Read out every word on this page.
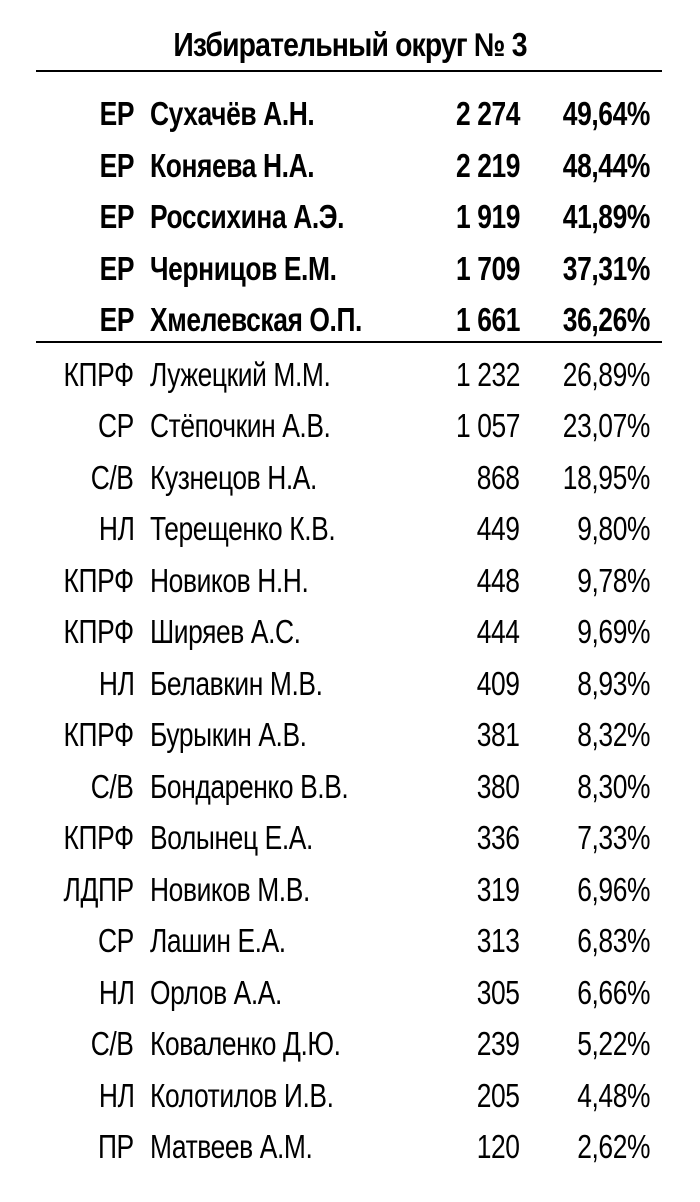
Избирательный округ № 3
ЕР Сухачёв А.Н.	2 274 49,64%
ЕР Коняева Н.А.	2 219 48,44%
ЕР Россихина А.Э.	1 919 41,89%
ЕР Черницов Е.М.	1 709 37,31%
ЕР Хмелевская О.П.	1 661 36,26%
КПРФ Лужецкий М.М.	1 232 26,89%
СР Стёпочкин А.В.	1 057 23,07%
С/В Кузнецов Н.А.	868 18,95%
НЛ Терещенко К.В.	449 9,80%
КПРФ Новиков Н.Н.	448 9,78%
КПРФ Ширяев А.С.	444 9,69%
НЛ Белавкин М.В.	409 8,93%
КПРФ Бурыкин А.В.	381 8,32%
С/В Бондаренко В.В.	380 8,30%
КПРФ Волынец Е.А.	336 7,33%
ЛДПР Новиков М.В.	319 6,96%
СР Лашин Е.А.	313 6,83%
НЛ Орлов А.А.	305 6,66%
С/В Коваленко Д.Ю.	239 5,22%
НЛ Колотилов И.В.	205 4,48%
ПР Матвеев А.М.	120 2,62%
